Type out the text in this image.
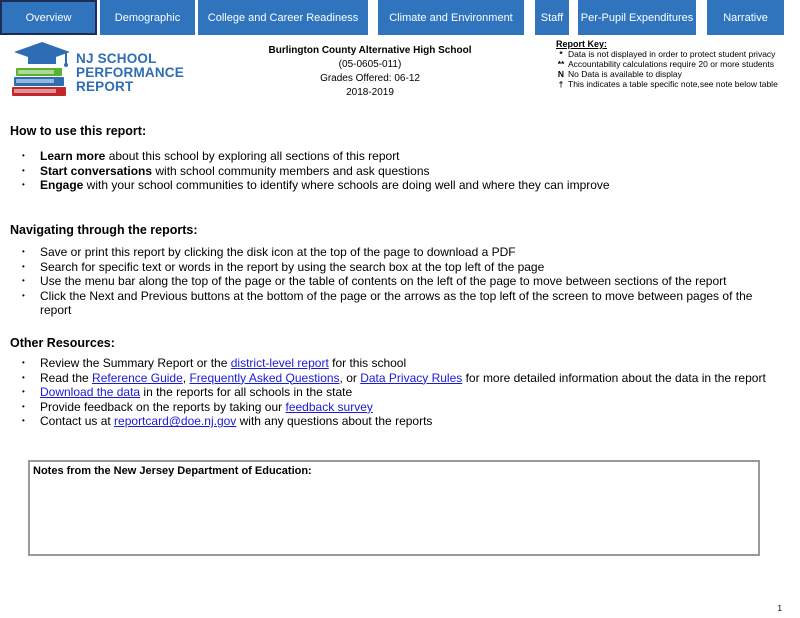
Overview	Demographic	College and Career Readiness	Climate and Environment	Staff	Per-Pupil Expenditures	Narrative
NJ SCHOOL
PERFORMANCE
REPORT
Burlington County Alternative High School
(05-0605-011)
Grades Offered: 06-12
2018-2019
Report Key:
* Data is not displayed in order to protect student privacy
** Accountability calculations require 20 or more students
N No Data is available to display
† This indicates a table specific note,see note below table
How to use this report:
• Learn more about this school by exploring all sections of this report
• Start conversations with school community members and ask questions
• Engage with your school communities to identify where schools are doing well and where they can improve
Navigating through the reports:
• Save or print this report by clicking the disk icon at the top of the page to download a PDF
• Search for specific text or words in the report by using the search box at the top left of the page
• Use the menu bar along the top of the page or the table of contents on the left of the page to move between sections of the report
• Click the Next and Previous buttons at the bottom of the page or the arrows as the top left of the screen to move between pages of the report
Other Resources:
• Review the Summary Report or the district-level report for this school
• Read the Reference Guide, Frequently Asked Questions, or Data Privacy Rules for more detailed information about the data in the report
• Download the data in the reports for all schools in the state
• Provide feedback on the reports by taking our feedback survey
• Contact us at reportcard@doe.nj.gov with any questions about the reports
Notes from the New Jersey Department of Education:
1
